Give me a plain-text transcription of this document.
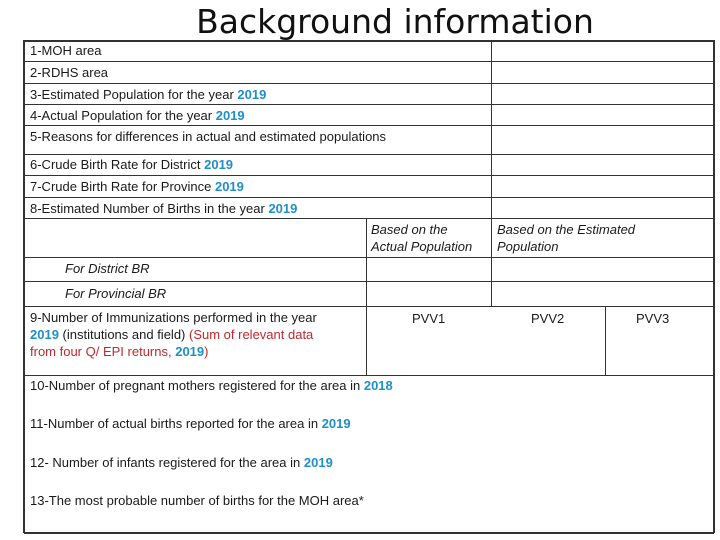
Background information
1-MOH area
2-RDHS area
3-Estimated Population for the year 2019
4-Actual Population for the year 2019
5-Reasons for differences in actual and estimated populations
6-Crude Birth Rate for District 2019
7-Crude Birth Rate for Province 2019
8-Estimated Number of Births in the year 2019
Based on the
Actual Population
Based on the Estimated
Population
For District BR
For Provincial BR
9-Number of Immunizations performed in the year
2019 (institutions and field) (Sum of relevant data
from four Q/ EPI returns, 2019)
PVV1	PVV2	PVV3
10-Number of pregnant mothers registered for the area in 2018
11-Number of actual births reported for the area in 2019
12- Number of infants registered for the area in 2019
13-The most probable number of births for the MOH area*
